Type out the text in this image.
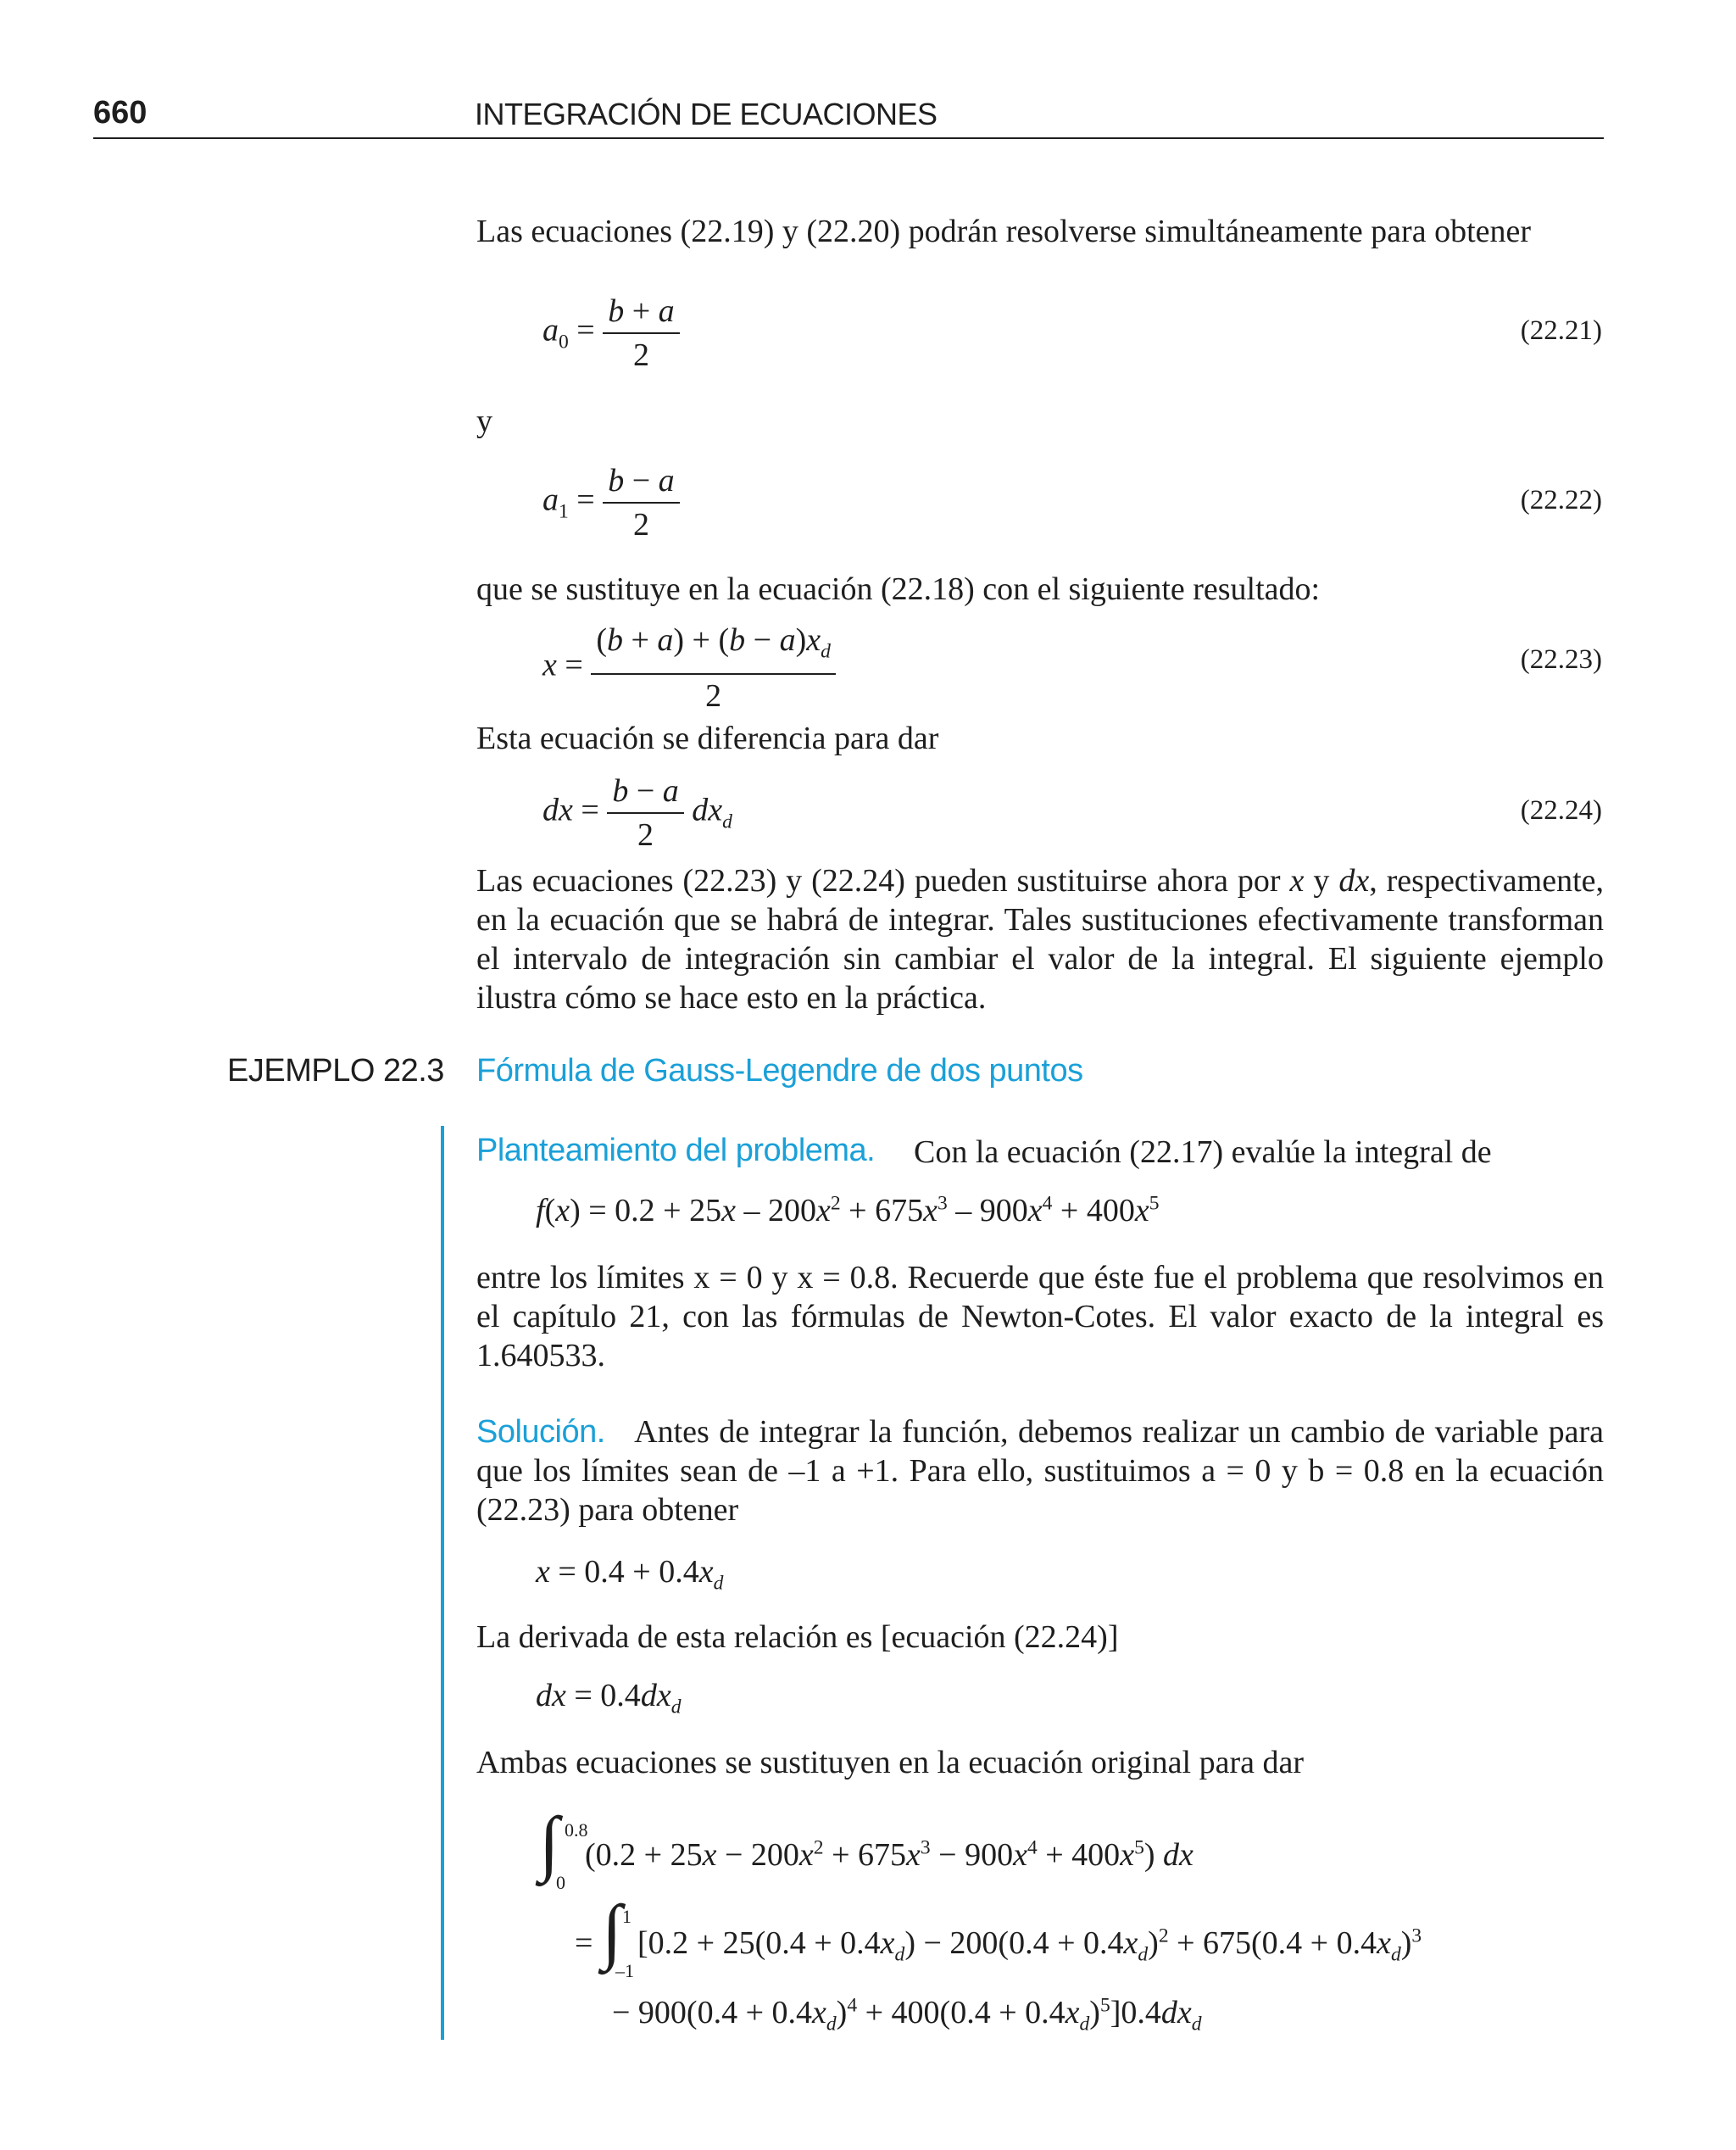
660	INTEGRACIÓN DE ECUACIONES
Las ecuaciones (22.19) y (22.20) podrán resolverse simultáneamente para obtener
$a_0 = \frac{b + a}{2}$	(22.21)
y
$a_1 = \frac{b - a}{2}$	(22.22)
que se sustituye en la ecuación (22.18) con el siguiente resultado:
$x = \frac{(b + a) + (b - a)x_d}{2}$	(22.23)
Esta ecuación se diferencia para dar
dx = $\frac{b - a}{2} dx_d$	(22.24)
Las ecuaciones (22.23) y (22.24) pueden sustituirse ahora por x y dx, respectivamente, en la ecuación que se habrá de integrar. Tales sustituciones efectivamente transforman el intervalo de integración sin cambiar el valor de la integral. El siguiente ejemplo ilustra cómo se hace esto en la práctica.
EJEMPLO 22.3 Fórmula de Gauss-Legendre de dos puntos
Planteamiento del problema. Con la ecuación (22.17) evalúe la integral de
$f(x) = 0.2 + 25x - 200x^2 + 675x^3 - 900x^4 + 400x^5$
entre los límites x = 0 y x = 0.8. Recuerde que éste fue el problema que resolvimos en el capítulo 21, con las fórmulas de Newton-Cotes. El valor exacto de la integral es 1.640533.
Solución. Antes de integrar la función, debemos realizar un cambio de variable para que los límites sean de –1 a +1. Para ello, sustituimos a = 0 y b = 0.8 en la ecuación (22.23) para obtener
$x = 0.4 + 0.4x_d$
La derivada de esta relación es [ecuación (22.24)]
dx = $0.4dx_d$
Ambas ecuaciones se sustituyen en la ecuación original para dar
∫ 0.8
0
$(0.2 + 25x - 200x^2 + 675x^3 - 900x^4 + 400x^5)$ dx
= ∫ 1
–1
[$0.2 + 25(0.4 + 0.4x_d) - 200(0.4 + 0.4x_d)^2 + 675(0.4 + 0.4x_d)^3$
− $900(0.4 + 0.4x_d)^4 + 400(0.4 + 0.4x_d)^5]0.4dx_d$
